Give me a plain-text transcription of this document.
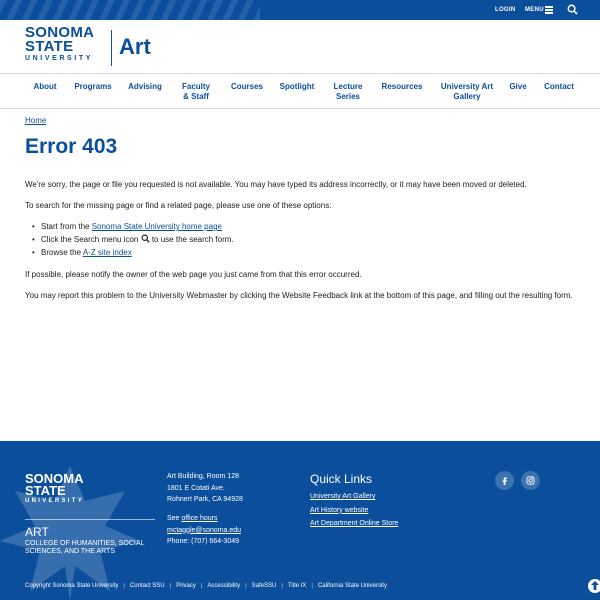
LOGIN MENU
SONOMA
STATE
UNIVERSITY Art
About Programs Advising	Faculty
& Staff
Courses	Spotlight	Lecture
Series
Resources	University Art
Gallery
Give	Contact
Home
Error 403

We're sorry, the page or file you requested is not available. You may have typed its address incorrectly, or it may have been moved or deleted.

To search for the missing page or find a related page, please use one of these options:

• Start from the Sonoma State University home page
• Click the Search menu icon  to use the search form.
• Browse the A-Z site index

If possible, please notify the owner of the web page you just came from that this error occurred.

You may report this problem to the University Webmaster by clicking the Website Feedback link at the bottom of this page, and filling out the resulting form.

SONOMA
STATE
UNIVERSITY
ART
COLLEGE OF HUMANITIES, SOCIAL SCIENCES, AND THE ARTS
Art Building, Room 128
1801 E Cotati Ave.
Rohnert Park, CA 94928
See office hours
mctaggle@sonoma.edu
Phone: (707) 664-3049
Quick Links
University Art Gallery
Art History website
Art Department Online Store
Copyright Sonoma State University | Contact SSU | Privacy | Accessibility | SafeSSU | Title IX | California State University
